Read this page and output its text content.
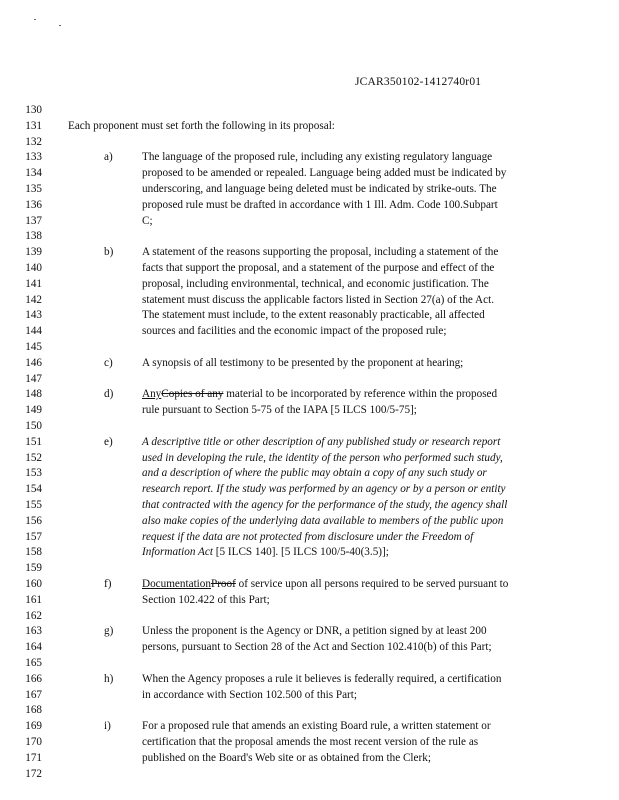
JCAR350102-1412740r01
130
131 Each proponent must set forth the following in its proposal:
132
133	a)	The language of the proposed rule, including any existing regulatory language
134	proposed to be amended or repealed. Language being added must be indicated by
135	underscoring, and language being deleted must be indicated by strike-outs. The
136	proposed rule must be drafted in accordance with 1 Ill. Adm. Code 100.Subpart
137	C;
138
139	b)	A statement of the reasons supporting the proposal, including a statement of the
140	facts that support the proposal, and a statement of the purpose and effect of the
141	proposal, including environmental, technical, and economic justification. The
142	statement must discuss the applicable factors listed in Section 27(a) of the Act.
143	The statement must include, to the extent reasonably practicable, all affected
144	sources and facilities and the economic impact of the proposed rule;
145
146	c)	A synopsis of all testimony to be presented by the proponent at hearing;
147
148	d)	AnyCopies of any material to be incorporated by reference within the proposed
149	rule pursuant to Section 5-75 of the IAPA [5 ILCS 100/5-75];
150
151	e)	A descriptive title or other description of any published study or research report
152	used in developing the rule, the identity of the person who performed such study,
153	and a description of where the public may obtain a copy of any such study or
154	research report. If the study was performed by an agency or by a person or entity
155	that contracted with the agency for the performance of the study, the agency shall
156	also make copies of the underlying data available to members of the public upon
157	request if the data are not protected from disclosure under the Freedom of
158	Information Act [5 ILCS 140]. [5 ILCS 100/5-40(3.5)];
159
160	f)	DocumentationProof of service upon all persons required to be served pursuant to
161	Section 102.422 of this Part;
162
163	g)	Unless the proponent is the Agency or DNR, a petition signed by at least 200
164	persons, pursuant to Section 28 of the Act and Section 102.410(b) of this Part;
165
166	h)	When the Agency proposes a rule it believes is federally required, a certification
167	in accordance with Section 102.500 of this Part;
168
169	i)	For a proposed rule that amends an existing Board rule, a written statement or
170	certification that the proposal amends the most recent version of the rule as
171	published on the Board's Web site or as obtained from the Clerk;
172
